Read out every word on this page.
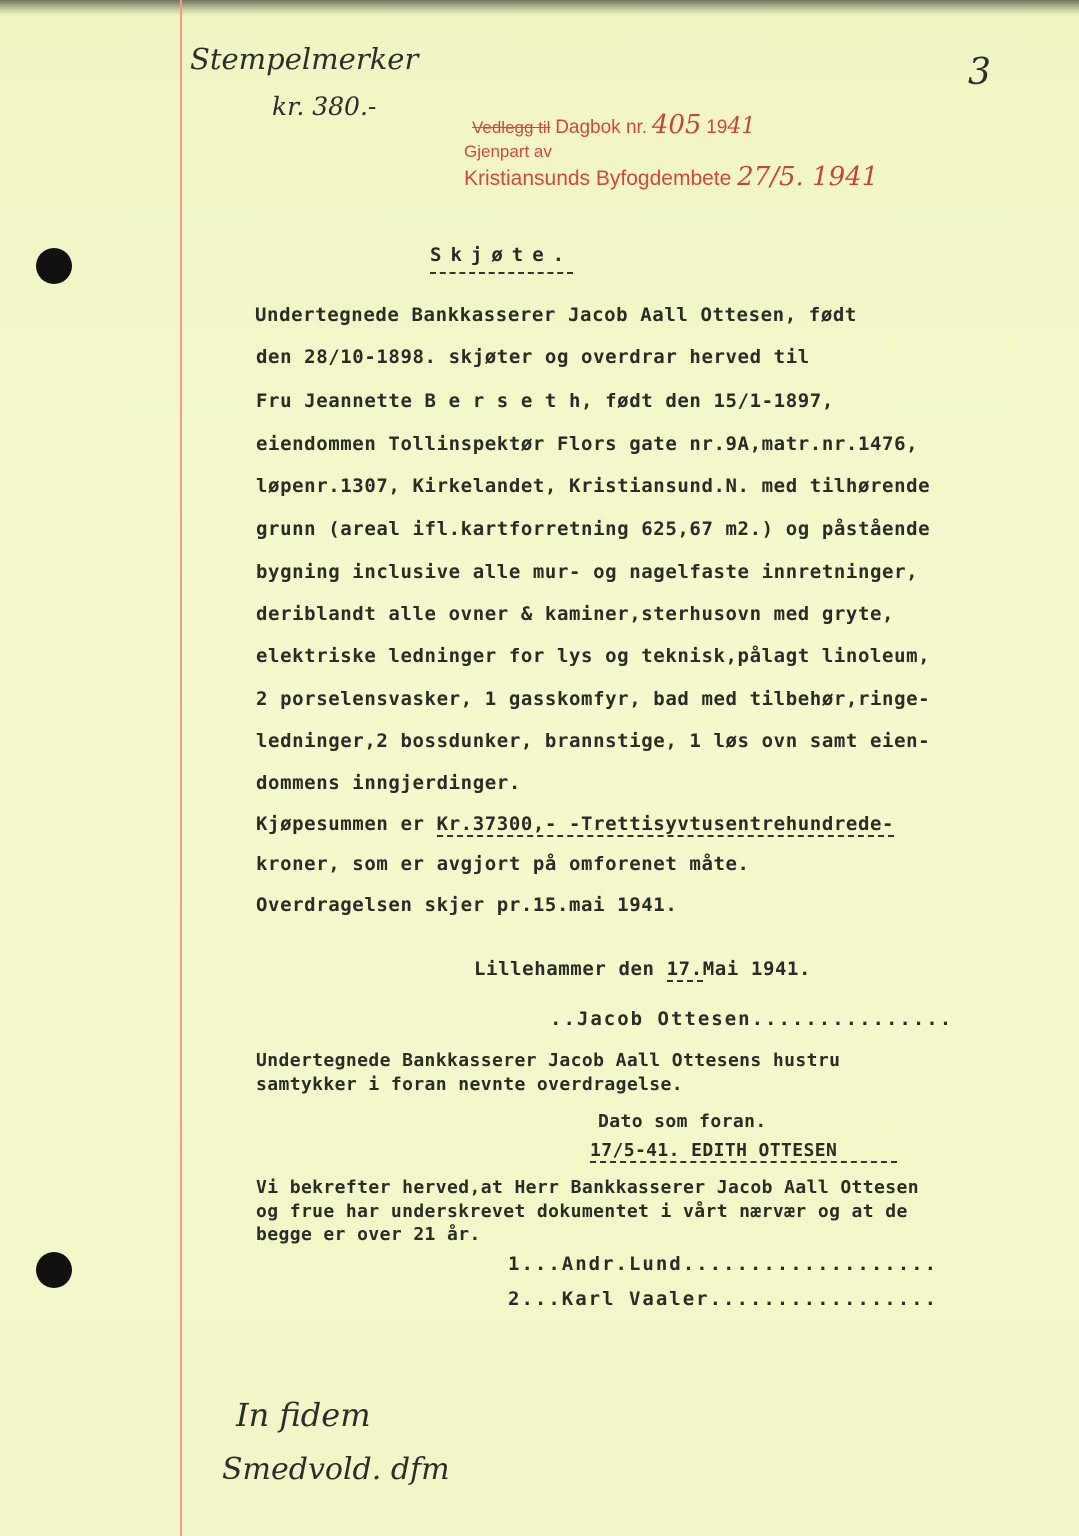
Stempelmerker
kr. 380.-
3
Vedlegg til Dagbok nr. 405 1941
Gjenpart av
Kristiansunds Byfogdembete 27/5. 1941
Skjøte.
Undertegnede Bankkasserer Jacob Aall Ottesen, født
den 28/10-1898. skjøter og overdrar herved til
Fru Jeannette B e r s e t h, født den 15/1-1897,
eiendommen Tollinspektør Flors gate nr.9A,matr.nr.1476,
løpenr.1307, Kirkelandet, Kristiansund.N. med tilhørende
grunn (areal ifl.kartforretning 625,67 m2.) og påstående
bygning inclusive alle mur- og nagelfaste innretninger,
deriblandt alle ovner & kaminer,sterhusovn med gryte,
elektriske ledninger for lys og teknisk,pålagt linoleum,
2 porselensvasker, 1 gasskomfyr, bad med tilbehør,ringe-
ledninger,2 bossdunker, brannstige, 1 løs ovn samt eien-
dommens inngjerdinger.
Kjøpesummen er Kr.37300,- -Trettisyvtusentrehundrede-
kroner, som er avgjort på omforenet måte.
Overdragelsen skjer pr.15.mai 1941.
Lillehammer den 17.Mai 1941.
..Jacob Ottesen...............
Undertegnede Bankkasserer Jacob Aall Ottesens hustru
samtykker i foran nevnte overdragelse.
Dato som foran.
17/5-41. EDITH OTTESEN
Vi bekrefter herved,at Herr Bankkasserer Jacob Aall Ottesen
og frue har underskrevet dokumentet i vårt nærvær og at de
begge er over 21 år.
1...Andr.Lund...................
2...Karl Vaaler.................
In fidem
Smedvold. dfm
